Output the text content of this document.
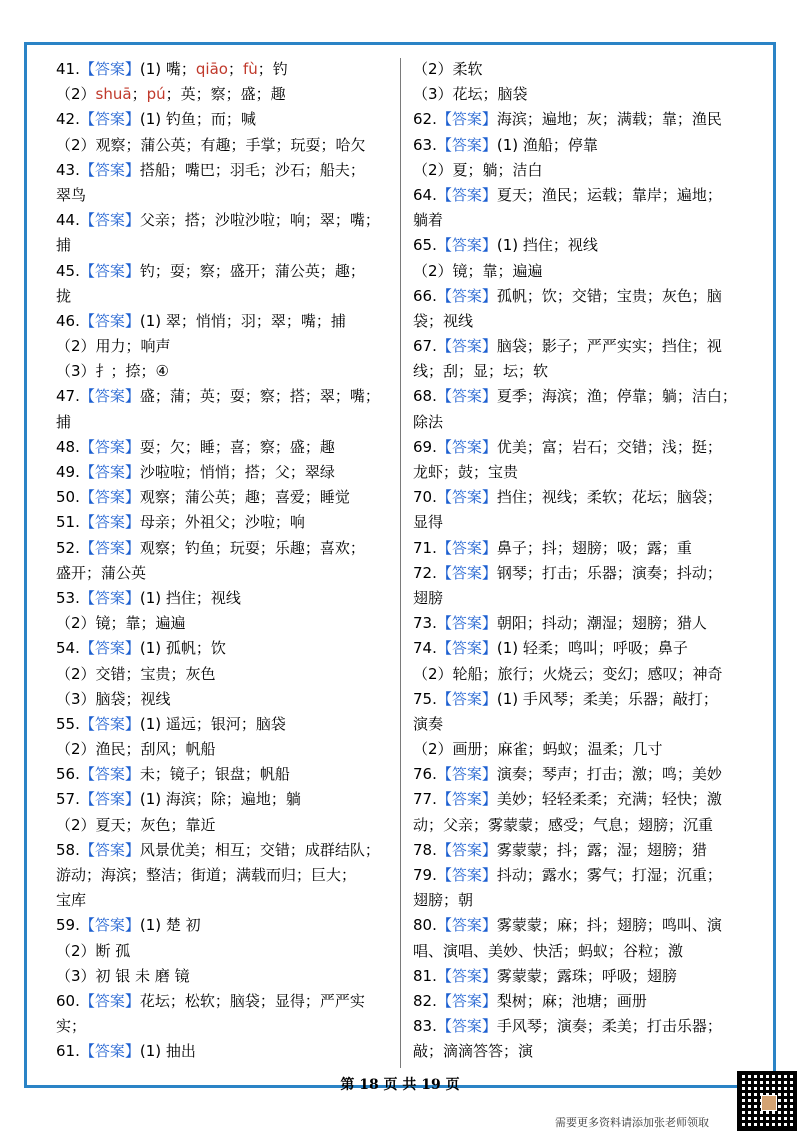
41.【答案】(1) 嘴；qiāo；fù；钓
（2）shuā；pú；英；察；盛；趣
42.【答案】(1) 钓鱼；而；喊
（2）观察；蒲公英；有趣；手掌；玩耍；哈欠
43.【答案】搭船；嘴巴；羽毛；沙石；船夫；
翠鸟
44.【答案】父亲；搭；沙啦沙啦；响；翠；嘴；
捕
45.【答案】钓；耍；察；盛开；蒲公英；趣；
拢
46.【答案】(1) 翠；悄悄；羽；翠；嘴；捕
（2）用力；响声
（3）扌；捺；④
47.【答案】盛；蒲；英；耍；察；搭；翠；嘴；
捕
48.【答案】耍；欠；睡；喜；察；盛；趣
49.【答案】沙啦啦；悄悄；搭；父；翠绿
50.【答案】观察；蒲公英；趣；喜爱；睡觉
51.【答案】母亲；外祖父；沙啦；响
52.【答案】观察；钓鱼；玩耍；乐趣；喜欢；
盛开；蒲公英
53.【答案】(1) 挡住；视线
（2）镜；靠；遍遍
54.【答案】(1) 孤帆；饮
（2）交错；宝贵；灰色
（3）脑袋；视线
55.【答案】(1) 遥远；银河；脑袋
（2）渔民；刮风；帆船
56.【答案】未；镜子；银盘；帆船
57.【答案】(1) 海滨；除；遍地；躺
（2）夏天；灰色；靠近
58.【答案】风景优美；相互；交错；成群结队；
游动；海滨；整洁；街道；满载而归；巨大；
宝库
59.【答案】(1) 楚 初
（2）断 孤
（3）初 银 未 磨 镜
60.【答案】花坛；松软；脑袋；显得；严严实
实；
61.【答案】(1) 抽出
（2）柔软
（3）花坛；脑袋
62.【答案】海滨；遍地；灰；满载；靠；渔民
63.【答案】(1) 渔船；停靠
（2）夏；躺；洁白
64.【答案】夏天；渔民；运载；靠岸；遍地；
躺着
65.【答案】(1) 挡住；视线
（2）镜；靠；遍遍
66.【答案】孤帆；饮；交错；宝贵；灰色；脑
袋；视线
67.【答案】脑袋；影子；严严实实；挡住；视
线；刮；显；坛；软
68.【答案】夏季；海滨；渔；停靠；躺；洁白；
除法
69.【答案】优美；富；岩石；交错；浅；挺；
龙虾；鼓；宝贵
70.【答案】挡住；视线；柔软；花坛；脑袋；
显得
71.【答案】鼻子；抖；翅膀；吸；露；重
72.【答案】钢琴；打击；乐器；演奏；抖动；
翅膀
73.【答案】朝阳；抖动；潮湿；翅膀；猎人
74.【答案】(1) 轻柔；鸣叫；呼吸；鼻子
（2）轮船；旅行；火烧云；变幻；感叹；神奇
75.【答案】(1) 手风琴；柔美；乐器；敲打；
演奏
（2）画册；麻雀；蚂蚁；温柔；几寸
76.【答案】演奏；琴声；打击；激；鸣；美妙
77.【答案】美妙；轻轻柔柔；充满；轻快；激
动；父亲；雾蒙蒙；感受；气息；翅膀；沉重
78.【答案】雾蒙蒙；抖；露；湿；翅膀；猎
79.【答案】抖动；露水；雾气；打湿；沉重；
翅膀；朝
80.【答案】雾蒙蒙；麻；抖；翅膀；鸣叫、演
唱、演唱、美妙、快活；蚂蚁；谷粒；激
81.【答案】雾蒙蒙；露珠；呼吸；翅膀
82.【答案】梨树；麻；池塘；画册
83.【答案】手风琴；演奏；柔美；打击乐器；
敲；滴滴答答；演
第 18 页 共 19 页
需要更多资料请添加张老师领取
